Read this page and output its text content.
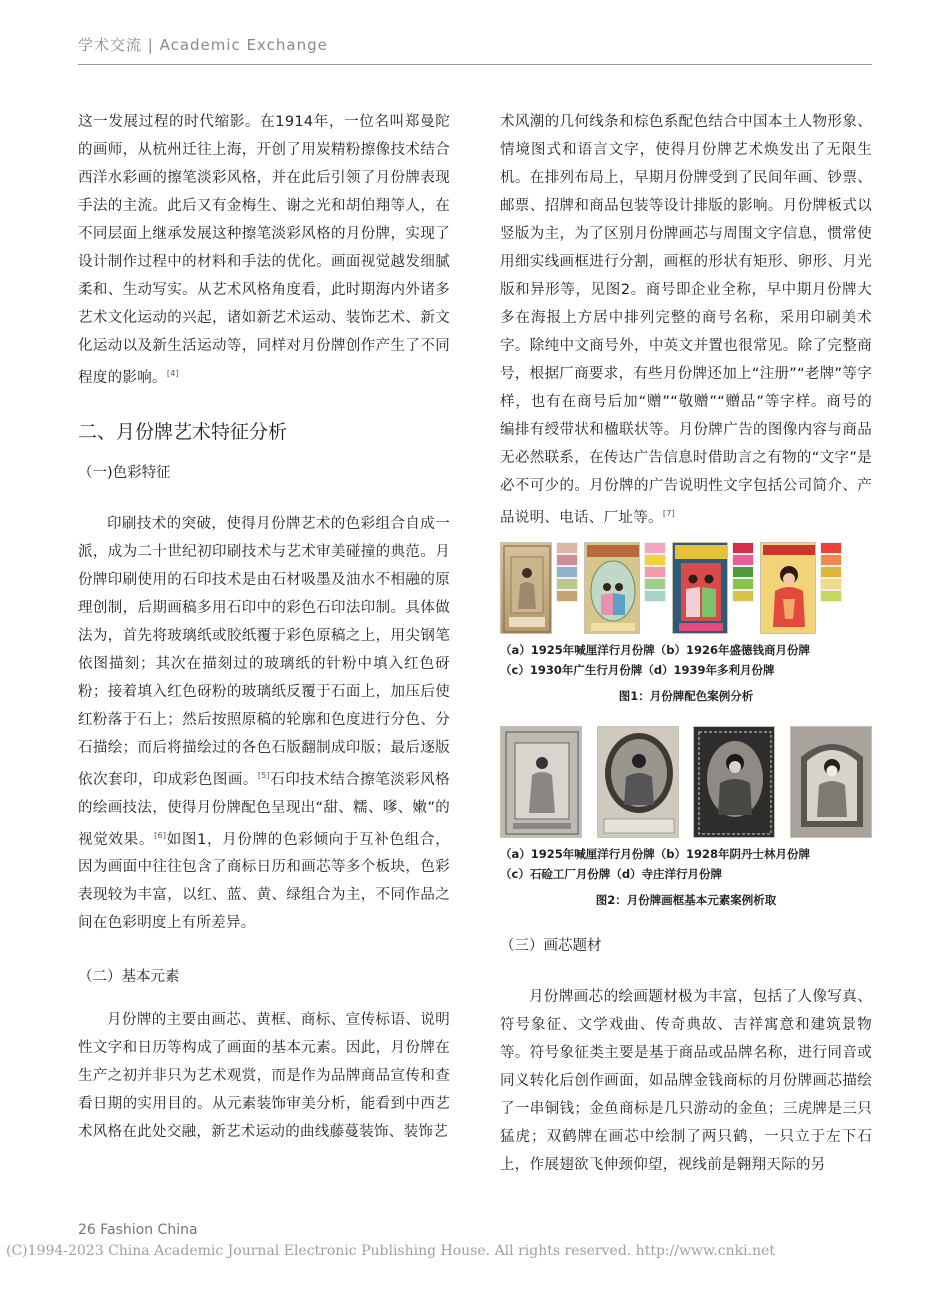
学术交流 | Academic Exchange

这一发展过程的时代缩影。在1914年，一位名叫郑曼陀的画师，从杭州迁往上海，开创了用炭精粉擦像技术结合西洋水彩画的擦笔淡彩风格，并在此后引领了月份牌表现手法的主流。此后又有金梅生、谢之光和胡伯翔等人，在不同层面上继承发展这种擦笔淡彩风格的月份牌，实现了设计制作过程中的材料和手法的优化。画面视觉越发细腻柔和、生动写实。从艺术风格角度看，此时期海内外诸多艺术文化运动的兴起，诸如新艺术运动、装饰艺术、新文化运动以及新生活运动等，同样对月份牌创作产生了不同程度的影响。[4]

二、月份牌艺术特征分析
（一)色彩特征

印刷技术的突破，使得月份牌艺术的色彩组合自成一派，成为二十世纪初印刷技术与艺术审美碰撞的典范。月份牌印刷使用的石印技术是由石材吸墨及油水不相融的原理创制，后期画稿多用石印中的彩色石印法印制。具体做法为，首先将玻璃纸或胶纸覆于彩色原稿之上，用尖钢笔依图描刻；其次在描刻过的玻璃纸的针粉中填入红色砑粉；接着填入红色砑粉的玻璃纸反覆于石面上，加压后使红粉落于石上；然后按照原稿的轮廓和色度进行分色、分石描绘；而后将描绘过的各色石版翻制成印版；最后逐版依次套印，印成彩色图画。[5]石印技术结合擦笔淡彩风格的绘画技法，使得月份牌配色呈现出“甜、糯、嗲、嫩”的视觉效果。[6]如图1，月份牌的色彩倾向于互补色组合，因为画面中往往包含了商标日历和画芯等多个板块，色彩表现较为丰富，以红、蓝、黄、绿组合为主，不同作品之间在色彩明度上有所差异。

（二）基本元素

月份牌的主要由画芯、黄框、商标、宣传标语、说明性文字和日历等构成了画面的基本元素。因此，月份牌在生产之初并非只为艺术观赏，而是作为品牌商品宣传和查看日期的实用目的。从元素装饰审美分析，能看到中西艺术风格在此处交融，新艺术运动的曲线藤蔓装饰、装饰艺

术风潮的几何线条和棕色系配色结合中国本土人物形象、情境图式和语言文字，使得月份牌艺术焕发出了无限生机。在排列布局上，早期月份牌受到了民间年画、钞票、邮票、招牌和商品包装等设计排版的影响。月份牌板式以竖版为主，为了区别月份牌画芯与周围文字信息，惯常使用细实线画框进行分割，画框的形状有矩形、卵形、月光版和异形等，见图2。商号即企业全称，早中期月份牌大多在海报上方居中排列完整的商号名称，采用印刷美术字。除纯中文商号外，中英文并置也很常见。除了完整商号，根据厂商要求，有些月份牌还加上“注册”“老牌”等字样，也有在商号后加“赠”“敬赠”“赠品”等字样。商号的编排有绶带状和楹联状等。月份牌广告的图像内容与商品无必然联系，在传达广告信息时借助言之有物的“文字”是必不可少的。月份牌的广告说明性文字包括公司简介、产品说明、电话、厂址等。[7]

（a）1925年喊厘洋行月份牌（b）1926年盛德钱商月份牌
（c）1930年广生行月份牌（d）1939年多利月份牌
图1：月份牌配色案例分析
（a）1925年喊厘洋行月份牌（b）1928年阴丹士林月份牌
（c）石硷工厂月份牌（d）寺庄洋行月份牌
图2：月份牌画框基本元素案例析取
（三）画芯题材

月份牌画芯的绘画题材极为丰富，包括了人像写真、符号象征、文学戏曲、传奇典故、吉祥寓意和建筑景物等。符号象征类主要是基于商品或品牌名称，进行同音或同义转化后创作画面，如品牌金钱商标的月份牌画芯描绘了一串铜钱；金鱼商标是几只游动的金鱼；三虎牌是三只猛虎；双鹤牌在画芯中绘制了两只鹤，一只立于左下石上，作展翅欲飞伸颈仰望，视线前是翱翔天际的另

26 Fashion China
(C)1994-2023 China Academic Journal Electronic Publishing House. All rights reserved. http://www.cnki.net
